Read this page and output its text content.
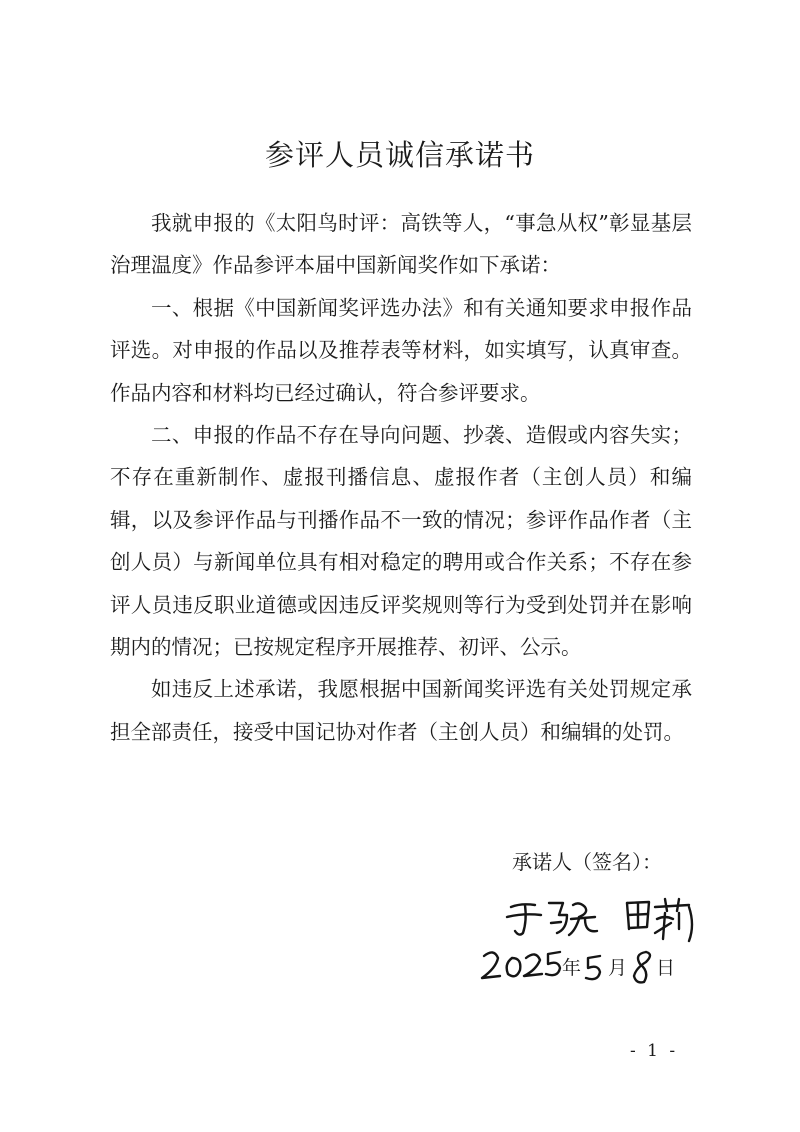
参评人员诚信承诺书

我就申报的《太阳鸟时评：高铁等人，“事急从权”彰显基层治理温度》作品参评本届中国新闻奖作如下承诺：

一、根据《中国新闻奖评选办法》和有关通知要求申报作品评选。对申报的作品以及推荐表等材料，如实填写，认真审查。作品内容和材料均已经过确认，符合参评要求。

二、申报的作品不存在导向问题、抄袭、造假或内容失实；不存在重新制作、虚报刊播信息、虚报作者（主创人员）和编辑，以及参评作品与刊播作品不一致的情况；参评作品作者（主创人员）与新闻单位具有相对稳定的聘用或合作关系；不存在参评人员违反职业道德或因违反评奖规则等行为受到处罚并在影响期内的情况；已按规定程序开展推荐、初评、公示。

如违反上述承诺，我愿根据中国新闻奖评选有关处罚规定承担全部责任，接受中国记协对作者（主创人员）和编辑的处罚。

承诺人（签名）：
年 月 日
- 1 -
